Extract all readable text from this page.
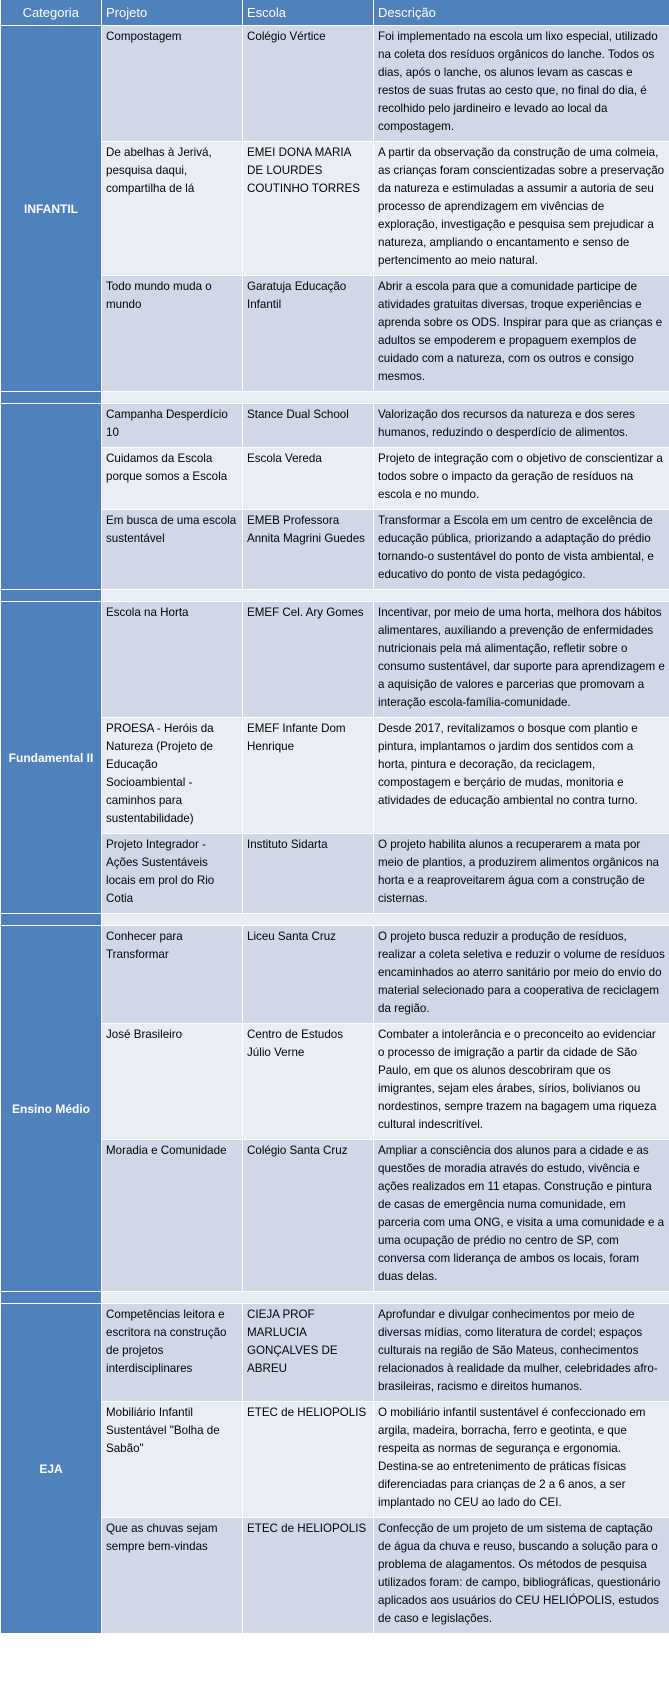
Categoria	Projeto	Escola	Descrição
INFANTIL	Compostagem	Colégio Vértice	Foi implementado na escola um lixo especial, utilizado na coleta dos resíduos orgânicos do lanche. Todos os dias, após o lanche, os alunos levam as cascas e restos de suas frutas ao cesto que, no final do dia, é recolhido pelo jardineiro e levado ao local da compostagem.
	De abelhas à Jerivá, pesquisa daqui, compartilha de lá	EMEI DONA MARIA DE LOURDES COUTINHO TORRES	A partir da observação da construção de uma colmeia, as crianças foram conscientizadas sobre a preservação da natureza e estimuladas a assumir a autoria de seu processo de aprendizagem em vivências de exploração, investigação e pesquisa sem prejudicar a natureza, ampliando o encantamento e senso de pertencimento ao meio natural.
	Todo mundo muda o mundo	Garatuja Educação Infantil	Abrir a escola para que a comunidade participe de atividades gratuitas diversas, troque experiências e aprenda sobre os ODS. Inspirar para que as crianças e adultos se empoderem e propaguem exemplos de cuidado com a natureza, com os outros e consigo mesmos.

	Campanha Desperdício 10	Stance Dual School	Valorização dos recursos da natureza e dos seres humanos, reduzindo o desperdício de alimentos.
	Cuidamos da Escola porque somos a Escola	Escola Vereda	Projeto de integração com o objetivo de conscientizar a todos sobre o impacto da geração de resíduos na escola e no mundo.
	Em busca de uma escola sustentável	EMEB Professora Annita Magrini Guedes	Transformar a Escola em um centro de excelência de educação pública, priorizando a adaptação do prédio tornando-o sustentável do ponto de vista ambiental, e educativo do ponto de vista pedagógico.

Fundamental II	Escola na Horta	EMEF Cel. Ary Gomes	Incentivar, por meio de uma horta, melhora dos hábitos alimentares, auxiliando a prevenção de enfermidades nutricionais pela má alimentação, refletir sobre o consumo sustentável, dar suporte para aprendizagem e a aquisição de valores e parcerias que promovam a interação escola-família-comunidade.
	PROESA - Heróis da Natureza (Projeto de Educação Socioambiental - caminhos para sustentabilidade)	EMEF Infante Dom Henrique	Desde 2017, revitalizamos o bosque com plantio e pintura, implantamos o jardim dos sentidos com a horta, pintura e decoração, da reciclagem, compostagem e berçário de mudas, monitoria e atividades de educação ambiental no contra turno.
	Projeto Integrador - Ações Sustentáveis locais em prol do Rio Cotia	Instituto Sidarta	O projeto habilita alunos a recuperarem a mata por meio de plantios, a produzirem alimentos orgânicos na horta e a reaproveitarem água com a construção de cisternas.

Ensino Médio	Conhecer para Transformar	Liceu Santa Cruz	O projeto busca reduzir a produção de resíduos, realizar a coleta seletiva e reduzir o volume de resíduos encaminhados ao aterro sanitário por meio do envio do material selecionado para a cooperativa de reciclagem da região.
	José Brasileiro	Centro de Estudos Júlio Verne	Combater a intolerância e o preconceito ao evidenciar o processo de imigração a partir da cidade de São Paulo, em que os alunos descobriram que os imigrantes, sejam eles árabes, sírios, bolivianos ou nordestinos, sempre trazem na bagagem uma riqueza cultural indescritível.
	Moradia e Comunidade	Colégio Santa Cruz	Ampliar a consciência dos alunos para a cidade e as questões de moradia através do estudo, vivência e ações realizados em 11 etapas. Construção e pintura de casas de emergência numa comunidade, em parceria com uma ONG, e visita a uma comunidade e a uma ocupação de prédio no centro de SP, com conversa com liderança de ambos os locais, foram duas delas.

EJA	Competências leitora e escritora na construção de projetos interdisciplinares	CIEJA PROF MARLUCIA GONÇALVES DE ABREU	Aprofundar e divulgar conhecimentos por meio de diversas mídias, como literatura de cordel; espaços culturais na região de São Mateus, conhecimentos relacionados à realidade da mulher, celebridades afro-brasileiras, racismo e direitos humanos.
	Mobiliário Infantil Sustentável "Bolha de Sabão"	ETEC de HELIOPOLIS	O mobiliário infantil sustentável é confeccionado em argila, madeira, borracha, ferro e geotinta, e que respeita as normas de segurança e ergonomia. Destina-se ao entretenimento de práticas físicas diferenciadas para crianças de 2 a 6 anos, a ser implantado no CEU ao lado do CEI.
	Que as chuvas sejam sempre bem-vindas	ETEC de HELIOPOLIS	Confecção de um projeto de um sistema de captação de água da chuva e reuso, buscando a solução para o problema de alagamentos. Os métodos de pesquisa utilizados foram: de campo, bibliográficas, questionário aplicados aos usuários do CEU HELIÓPOLIS, estudos de caso e legislações.
